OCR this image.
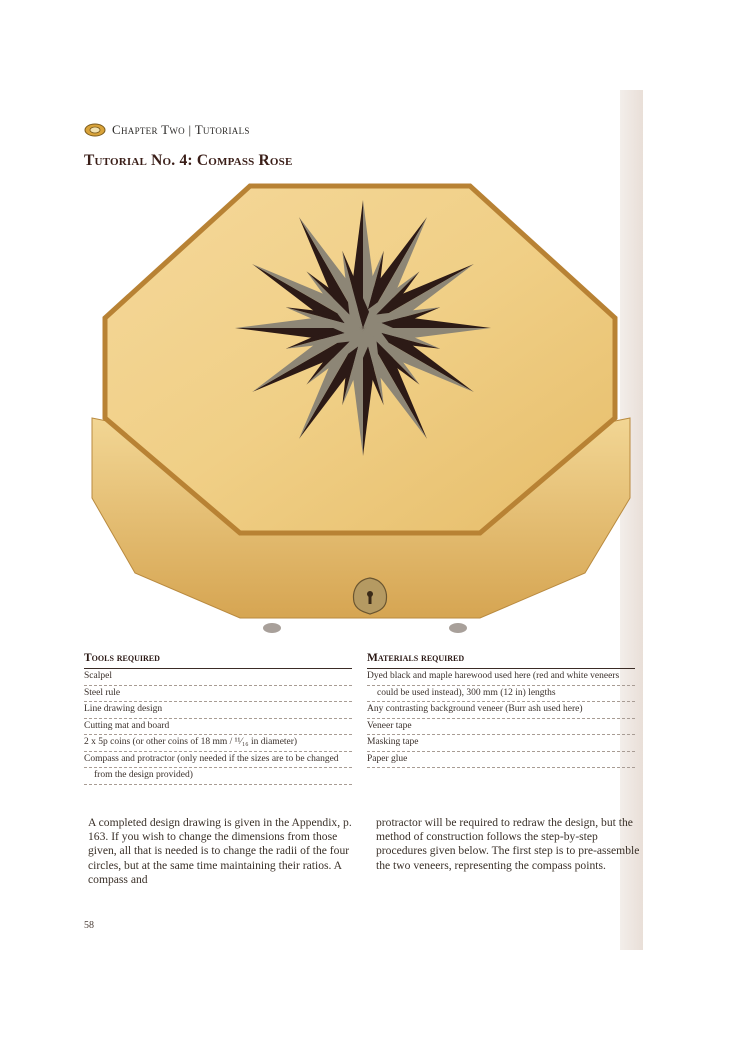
Chapter Two | Tutorials
Tutorial No. 4: Compass Rose
Tools required
Scalpel
Steel rule
Line drawing design
Cutting mat and board
2 x 5p coins (or other coins of 18 mm / ¹¹⁄₁₆ in diameter)
Compass and protractor (only needed if the sizes are to be changed
from the design provided)
Materials required
Dyed black and maple harewood used here (red and white veneers
could be used instead), 300 mm (12 in) lengths
Any contrasting background veneer (Burr ash used here)
Veneer tape
Masking tape
Paper glue
A completed design drawing is given in the Appendix, p. 163. If you wish to change the dimensions from those given, all that is needed is to change the radii of the four circles, but at the same time maintaining their ratios. A compass and
protractor will be required to redraw the design, but the method of construction follows the step-by-step procedures given below. The first step is to pre-assemble the two veneers, representing the compass points.
58
